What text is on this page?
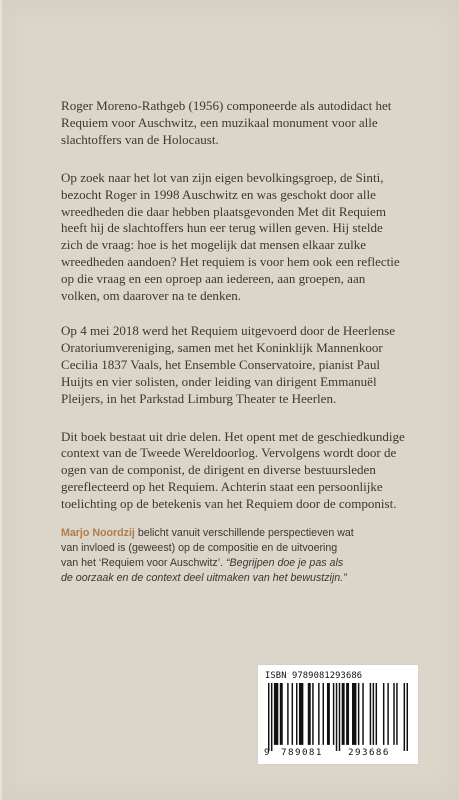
Roger Moreno-Rathgeb (1956) componeerde als autodidact het Requiem voor Auschwitz, een muzikaal monument voor alle slachtoffers van de Holocaust.

Op zoek naar het lot van zijn eigen bevolkingsgroep, de Sinti, bezocht Roger in 1998 Auschwitz en was geschokt door alle wreedheden die daar hebben plaatsgevonden Met dit Requiem heeft hij de slachtoffers hun eer terug willen geven. Hij stelde zich de vraag: hoe is het mogelijk dat mensen elkaar zulke wreedheden aandoen? Het requiem is voor hem ook een reflectie op die vraag en een oproep aan iedereen, aan groepen, aan volken, om daarover na te denken.

Op 4 mei 2018 werd het Requiem uitgevoerd door de Heerlense Oratoriumvereniging, samen met het Koninklijk Mannenkoor Cecilia 1837 Vaals, het Ensemble Conservatoire, pianist Paul Huijts en vier solisten, onder leiding van dirigent Emmanuël Pleijers, in het Parkstad Limburg Theater te Heerlen.

Dit boek bestaat uit drie delen. Het opent met de geschiedkundige context van de Tweede Wereldoorlog. Vervolgens wordt door de ogen van de componist, de dirigent en diverse bestuursleden gereflecteerd op het Requiem. Achterin staat een persoonlijke toelichting op de betekenis van het Requiem door de componist.

Marjo Noordzij belicht vanuit verschillende perspectieven wat van invloed is (geweest) op de compositie en de uitvoering van het ‘Requiem voor Auschwitz’. “Begrijpen doe je pas als de oorzaak en de context deel uitmaken van het bewustzijn.”
ISBN 9789081293686
9 789081	293686
